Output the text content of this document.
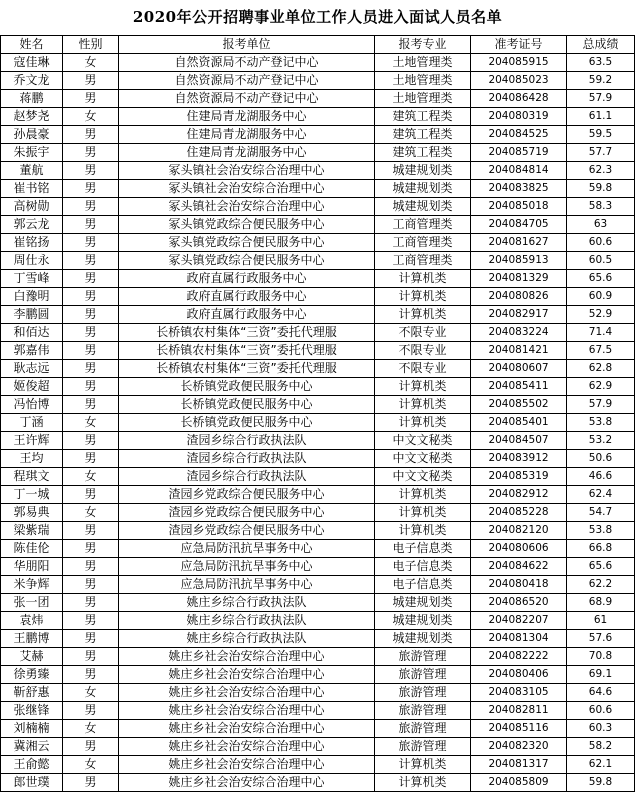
2020年公开招聘事业单位工作人员进入面试人员名单
姓名	性别	报考单位	报考专业	准考证号	总成绩
寇佳琳	女	自然资源局不动产登记中心	土地管理类	204085915	63.5
乔文龙	男	自然资源局不动产登记中心	土地管理类	204085023	59.2
蒋鹏	男	自然资源局不动产登记中心	土地管理类	204086428	57.9
赵梦尧	女	住建局青龙湖服务中心	建筑工程类	204080319	61.1
孙晨豪	男	住建局青龙湖服务中心	建筑工程类	204084525	59.5
朱振宇	男	住建局青龙湖服务中心	建筑工程类	204085719	57.7
董航	男	冢头镇社会治安综合治理中心	城建规划类	204084814	62.3
崔书铭	男	冢头镇社会治安综合治理中心	城建规划类	204083825	59.8
高树勋	男	冢头镇社会治安综合治理中心	城建规划类	204085018	58.3
郭云龙	男	冢头镇党政综合便民服务中心	工商管理类	204084705	63
崔铭扬	男	冢头镇党政综合便民服务中心	工商管理类	204081627	60.6
周仕永	男	冢头镇党政综合便民服务中心	工商管理类	204085913	60.5
丁雪峰	男	政府直属行政服务中心	计算机类	204081329	65.6
白豫明	男	政府直属行政服务中心	计算机类	204080826	60.9
李鹏圆	男	政府直属行政服务中心	计算机类	204082917	52.9
和佰达	男	长桥镇农村集体“三资”委托代理服	不限专业	204083224	71.4
郭嘉伟	男	长桥镇农村集体“三资”委托代理服	不限专业	204081421	67.5
耿志远	男	长桥镇农村集体“三资”委托代理服	不限专业	204080607	62.8
姬俊超	男	长桥镇党政便民服务中心	计算机类	204085411	62.9
冯怡博	男	长桥镇党政便民服务中心	计算机类	204085502	57.9
丁涵	女	长桥镇党政便民服务中心	计算机类	204085401	53.8
王许辉	男	渣园乡综合行政执法队	中文文秘类	204084507	53.2
王均	男	渣园乡综合行政执法队	中文文秘类	204083912	50.6
程琪文	女	渣园乡综合行政执法队	中文文秘类	204085319	46.6
丁一城	男	渣园乡党政综合便民服务中心	计算机类	204082912	62.4
郭易典	女	渣园乡党政综合便民服务中心	计算机类	204085228	54.7
梁紫瑞	男	渣园乡党政综合便民服务中心	计算机类	204082120	53.8
陈佳伦	男	应急局防汛抗旱事务中心	电子信息类	204080606	66.8
华朋阳	男	应急局防汛抗旱事务中心	电子信息类	204084622	65.6
米争辉	男	应急局防汛抗旱事务中心	电子信息类	204080418	62.2
张一团	男	姚庄乡综合行政执法队	城建规划类	204086520	68.9
袁炜	男	姚庄乡综合行政执法队	城建规划类	204082207	61
王鹏博	男	姚庄乡综合行政执法队	城建规划类	204081304	57.6
艾赫	男	姚庄乡社会治安综合治理中心	旅游管理	204082222	70.8
徐勇臻	男	姚庄乡社会治安综合治理中心	旅游管理	204080406	69.1
靳舒惠	女	姚庄乡社会治安综合治理中心	旅游管理	204083105	64.6
张继锋	男	姚庄乡社会治安综合治理中心	旅游管理	204082811	60.6
刘楠楠	女	姚庄乡社会治安综合治理中心	旅游管理	204085116	60.3
冀湘云	男	姚庄乡社会治安综合治理中心	旅游管理	204082320	58.2
王俞懿	女	姚庄乡社会治安综合治理中心	计算机类	204081317	62.1
郎世璞	男	姚庄乡社会治安综合治理中心	计算机类	204085809	59.8
